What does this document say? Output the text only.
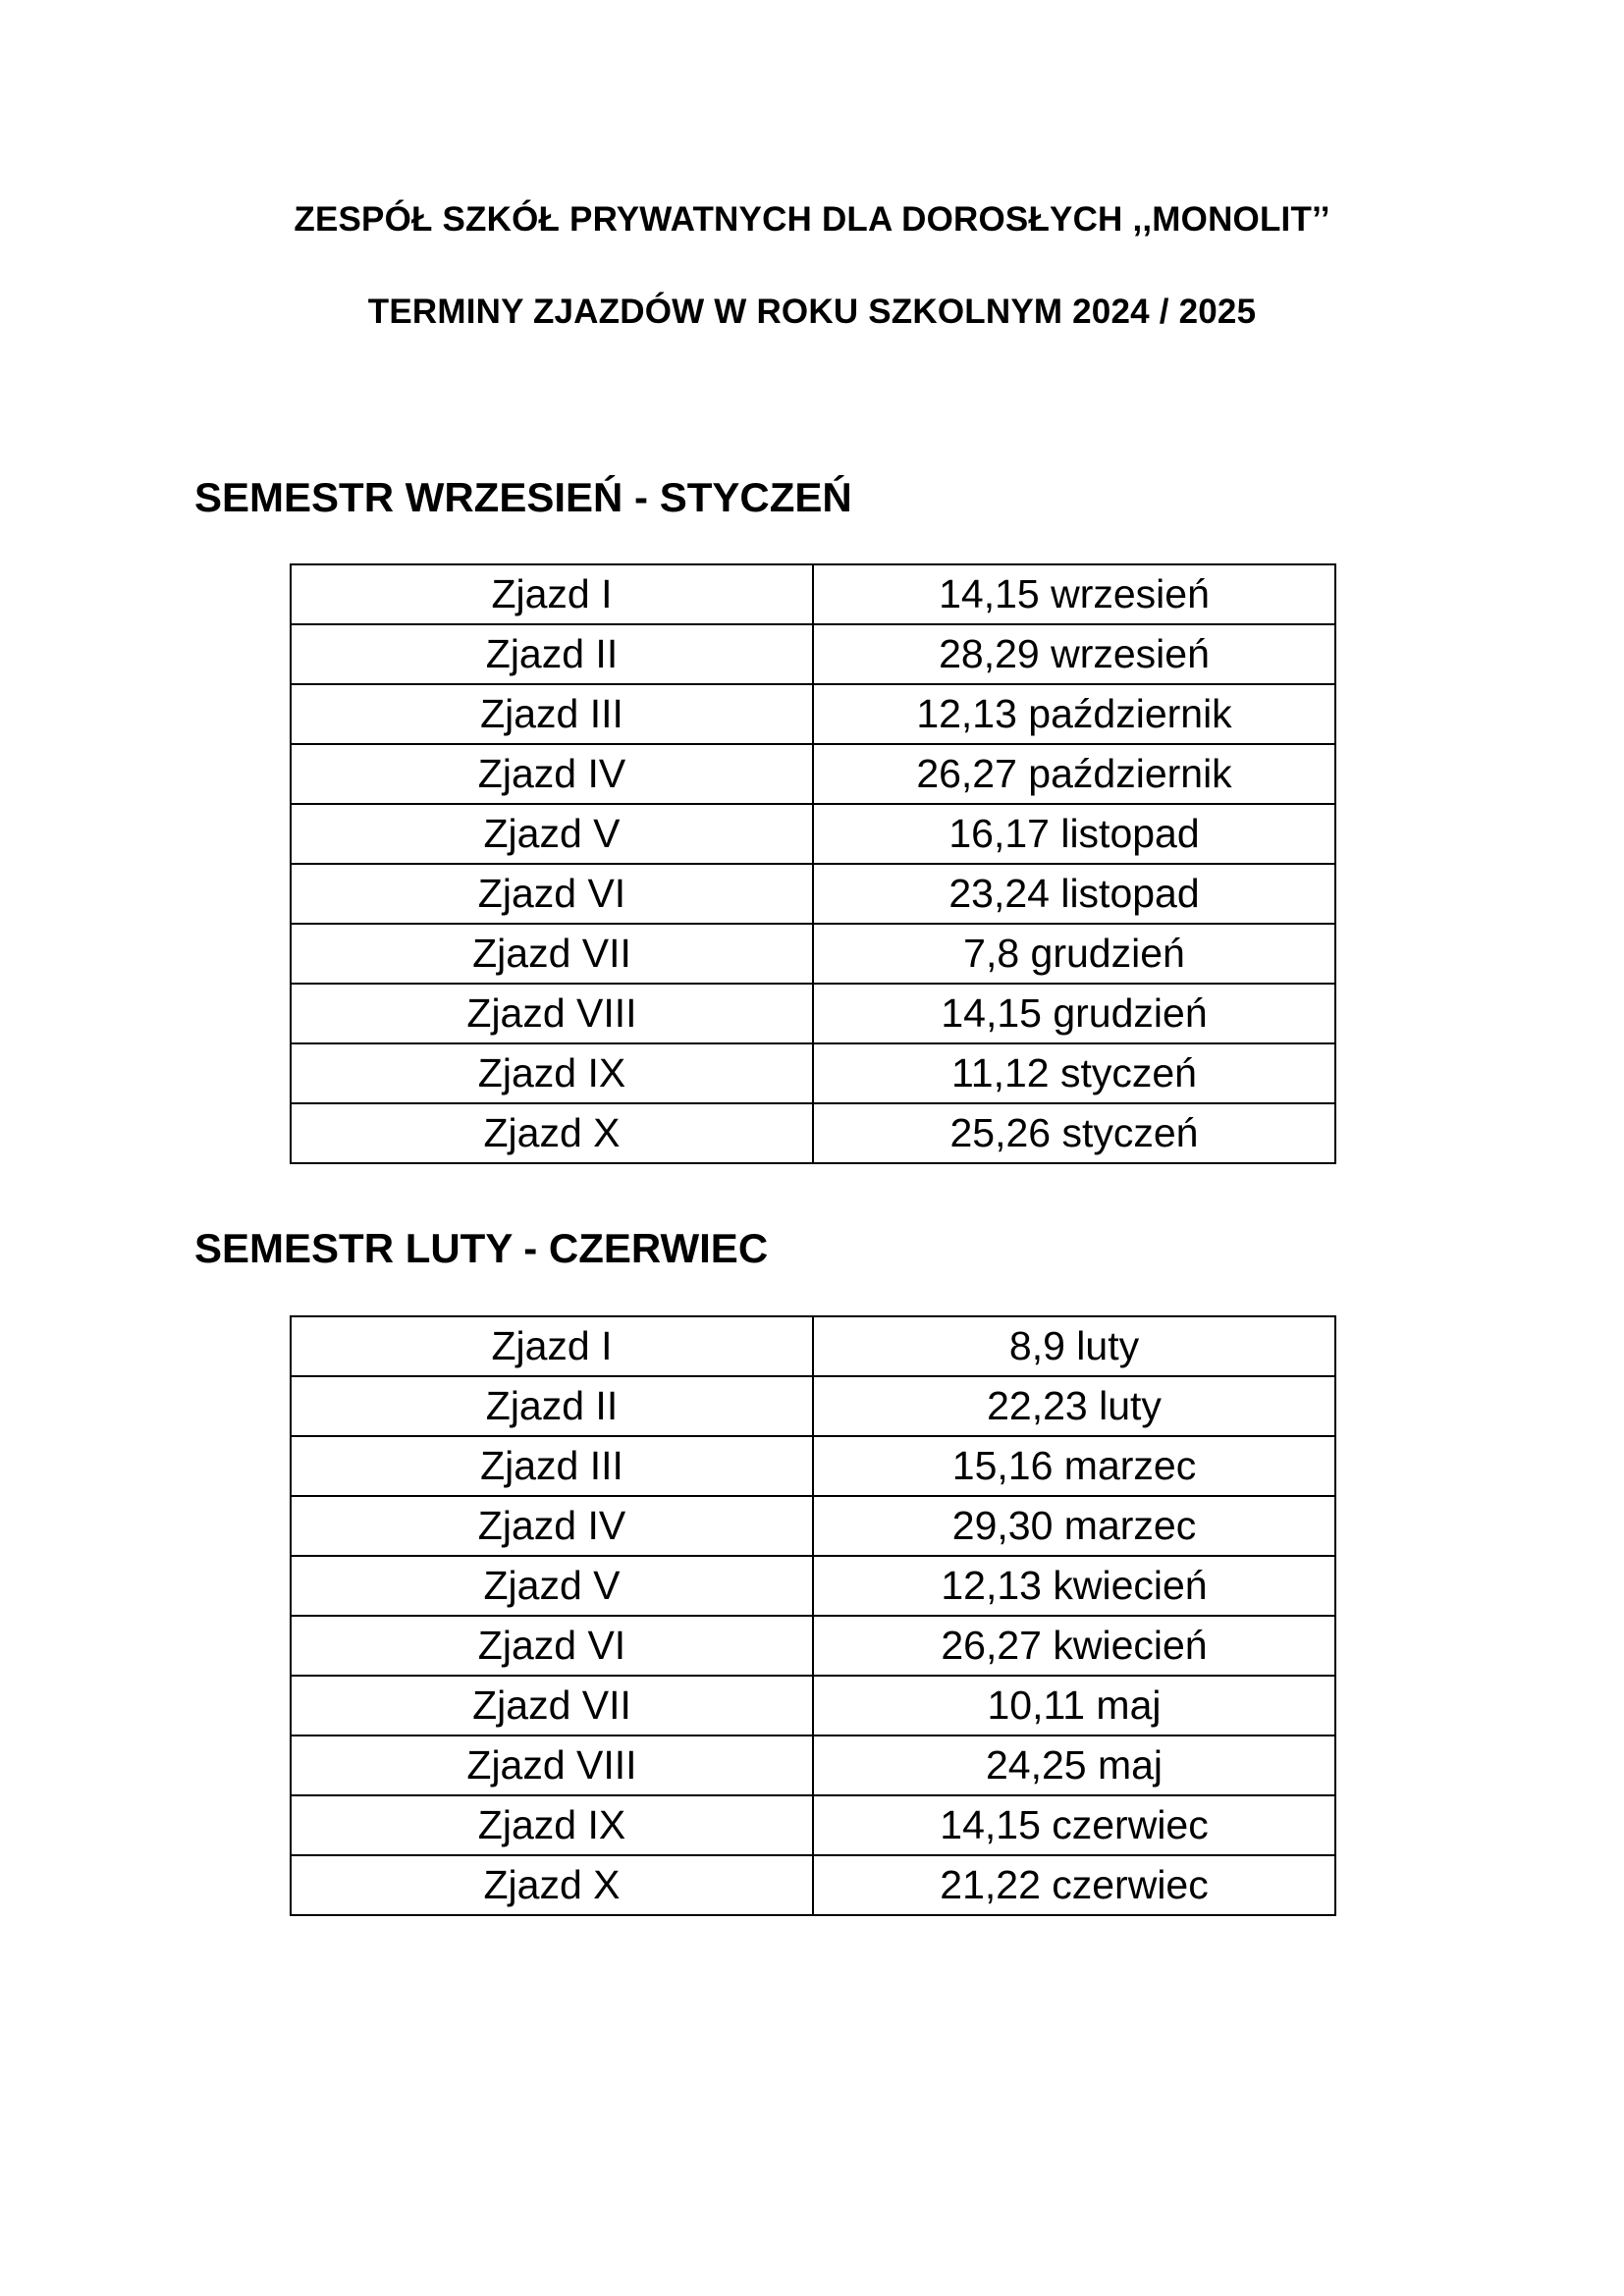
ZESPÓŁ SZKÓŁ PRYWATNYCH DLA DOROSŁYCH ,,MONOLIT’’
TERMINY ZJAZDÓW W ROKU SZKOLNYM 2024 / 2025
SEMESTR WRZESIEŃ - STYCZEŃ
Zjazd I	14,15 wrzesień
Zjazd II	28,29 wrzesień
Zjazd III	12,13 październik
Zjazd IV	26,27 październik
Zjazd V	16,17 listopad
Zjazd VI	23,24 listopad
Zjazd VII	7,8 grudzień
Zjazd VIII	14,15 grudzień
Zjazd IX	11,12 styczeń
Zjazd X	25,26 styczeń
SEMESTR LUTY - CZERWIEC
Zjazd I	8,9 luty
Zjazd II	22,23 luty
Zjazd III	15,16 marzec
Zjazd IV	29,30 marzec
Zjazd V	12,13 kwiecień
Zjazd VI	26,27 kwiecień
Zjazd VII	10,11 maj
Zjazd VIII	24,25 maj
Zjazd IX	14,15 czerwiec
Zjazd X	21,22 czerwiec
